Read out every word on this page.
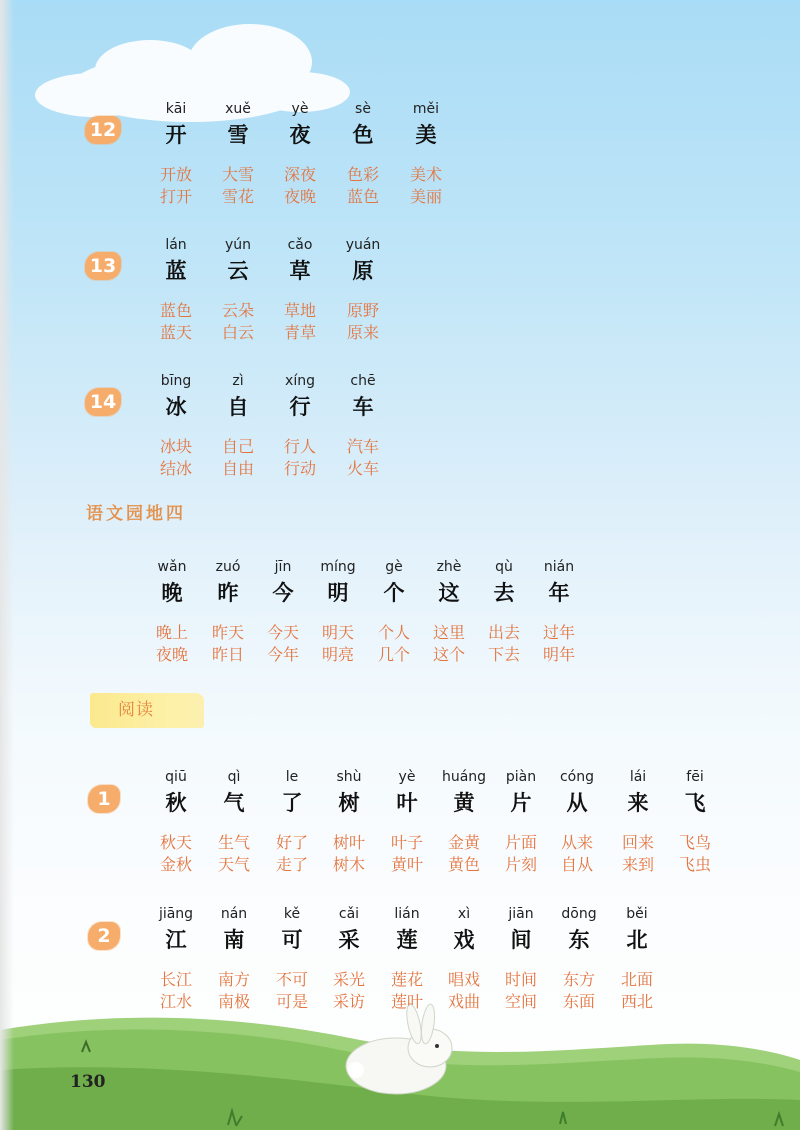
12
kāi
开
开放
打开
xuě
雪
大雪
雪花
yè
夜
深夜
夜晚
sè
色
色彩
蓝色
měi
美
美术
美丽
13
lán
蓝
蓝色
蓝天
yún
云
云朵
白云
cǎo
草
草地
青草
yuán
原
原野
原来
14
bīng
冰
冰块
结冰
zì
自
自己
自由
xíng
行
行人
行动
chē
车
汽车
火车
语文园地四
wǎn
晚
晚上
夜晚
zuó
昨
昨天
昨日
jīn
今
今天
今年
míng
明
明天
明亮
gè
个
个人
几个
zhè
这
这里
这个
qù
去
出去
下去
nián
年
过年
明年
阅读
1
qiū
秋
秋天
金秋
qì
气
生气
天气
le
了
好了
走了
shù
树
树叶
树木
yè
叶
叶子
黄叶
huáng
黄
金黄
黄色
piàn
片
片面
片刻
cóng
从
从来
自从
lái
来
回来
来到
fēi
飞
飞鸟
飞虫
2
jiāng
江
长江
江水
nán
南
南方
南极
kě
可
不可
可是
cǎi
采
采光
采访
lián
莲
莲花
莲叶
xì
戏
唱戏
戏曲
jiān
间
时间
空间
dōng
东
东方
东面
běi
北
北面
西北
130
